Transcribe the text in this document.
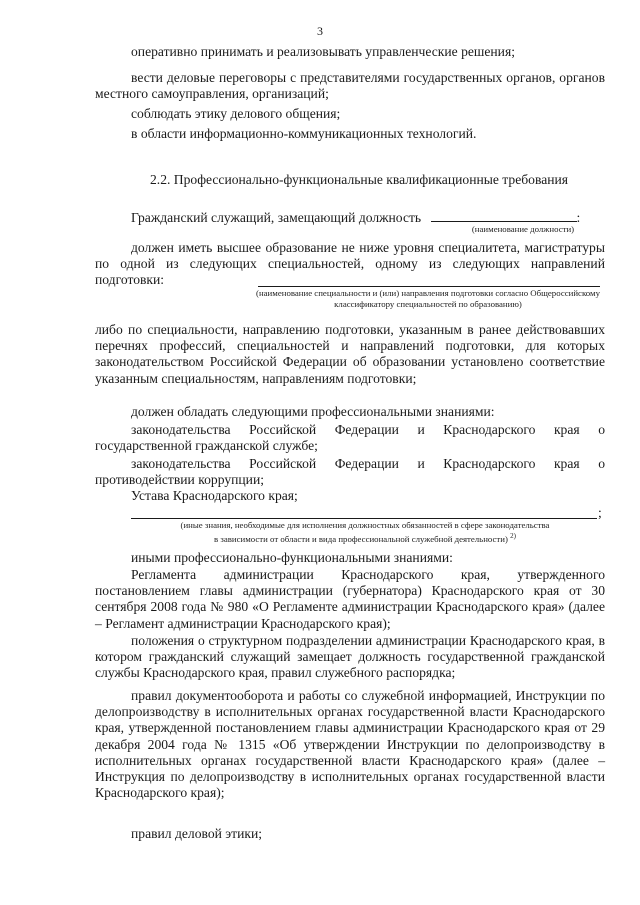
3

оперативно принимать и реализовывать управленческие решения;

вести деловые переговоры с представителями государственных органов, органов местного самоуправления, организаций;

соблюдать этику делового общения;

в области информационно-коммуникационных технологий.

2.2. Профессионально-функциональные квалификационные требования
Гражданский служащий, замещающий должность	:
(наименование должности)

должен иметь высшее образование не ниже уровня специалитета, магистратуры по одной из следующих специальностей, одному из следующих направлений подготовки:

(наименование специальности и (или) направления подготовки согласно Общероссийскому классификатору специальностей по образованию)

либо по специальности, направлению подготовки, указанным в ранее действовавших перечнях профессий, специальностей и направлений подготовки, для которых законодательством Российской Федерации об образовании установлено соответствие указанным специальностям, направлениям подготовки;

должен обладать следующими профессиональными знаниями:

законодательства Российской Федерации и Краснодарского края о государственной гражданской службе;

законодательства Российской Федерации и Краснодарского края о противодействии коррупции;

Устава Краснодарского края;

;
(иные знания, необходимые для исполнения должностных обязанностей в сфере законодательства
в зависимости от области и вида профессиональной служебной деятельности) $^{2)}$

иными профессионально-функциональными знаниями:

Регламента администрации Краснодарского края, утвержденного постановлением главы администрации (губернатора) Краснодарского края от 30 сентября 2008 года № 980 «О Регламенте администрации Краснодарского края» (далее – Регламент администрации Краснодарского края);

положения о структурном подразделении администрации Краснодарского края, в котором гражданский служащий замещает должность государственной гражданской службы Краснодарского края, правил служебного распорядка;

правил документооборота и работы со служебной информацией, Инструкции по делопроизводству в исполнительных органах государственной власти Краснодарского края, утвержденной постановлением главы администрации Краснодарского края от 29 декабря 2004 года № 1315 «Об утверждении Инструкции по делопроизводству в исполнительных органах государственной власти Краснодарского края» (далее – Инструкция по делопроизводству в исполнительных органах государственной власти Краснодарского края);

правил деловой этики;
